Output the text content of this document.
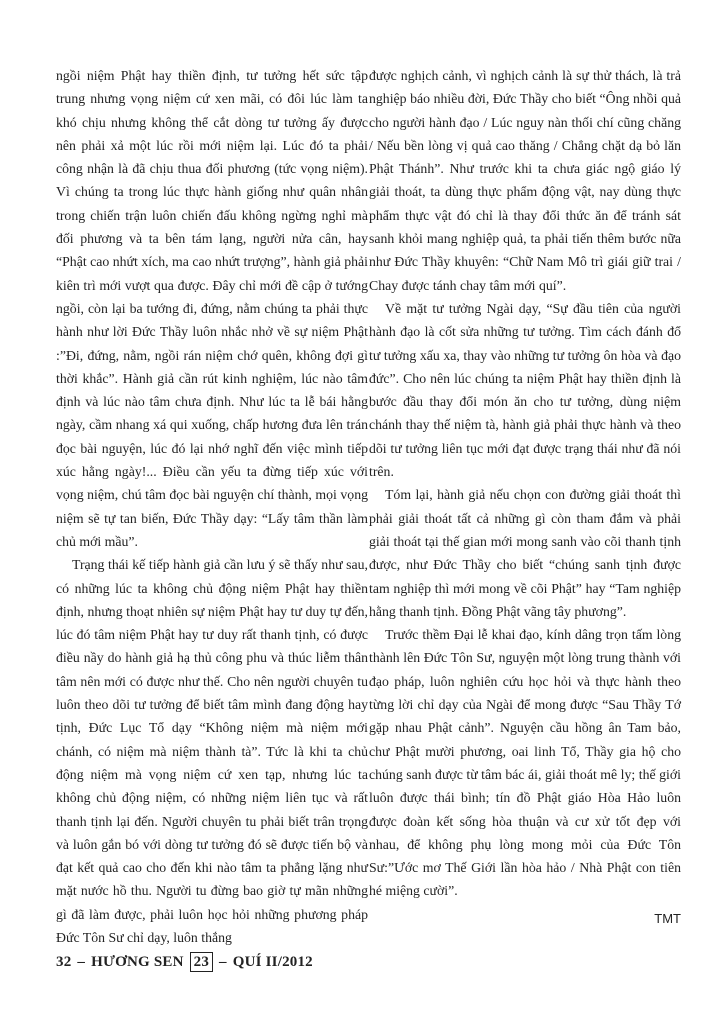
ngồi niệm Phật hay thiền định, tư tưởng hết sức tập trung nhưng vọng niệm cứ xen mãi, có đôi lúc làm ta khó chịu nhưng không thể cắt dòng tư tưởng ấy được nên phải xả một lúc rồi mới niệm lại. Lúc đó ta phải công nhận là đã chịu thua đối phương (tức vọng niệm). Vì chúng ta trong lúc thực hành giống như quân nhân trong chiến trận luôn chiến đấu không ngừng nghỉ mà đối phương và ta bên tám lạng, người nửa cân, hay “Phật cao nhứt xích, ma cao nhứt trượng”, hành giả phải kiên trì mới vượt qua được. Đây chỉ mới đề cập ở tướng ngồi, còn lại ba tướng đi, đứng, nằm chúng ta phải thực hành như lời Đức Thầy luôn nhắc nhở về sự niệm Phật :”Đi, đứng, nằm, ngồi rán niệm chớ quên, không đợi gì thời khắc”. Hành giả cần rút kinh nghiệm, lúc nào tâm định và lúc nào tâm chưa định. Như lúc ta lễ bái hằng ngày, cầm nhang xá qui xuống, chấp hương đưa lên trán đọc bài nguyện, lúc đó lại nhớ nghĩ đến việc mình tiếp xúc hằng ngày!... Điều cần yếu ta đừng tiếp xúc với vọng niệm, chú tâm đọc bài nguyện chí thành, mọi vọng niệm sẽ tự tan biến, Đức Thầy dạy: “Lấy tâm thần làm chủ mới mầu”.

Trạng thái kế tiếp hành giả cần lưu ý sẽ thấy như sau, có những lúc ta không chủ động niệm Phật hay thiền định, nhưng thoạt nhiên sự niệm Phật hay tư duy tự đến, lúc đó tâm niệm Phật hay tư duy rất thanh tịnh, có được điều nầy do hành giả hạ thủ công phu và thúc liễm thân tâm nên mới có được như thế. Cho nên người chuyên tu luôn theo dõi tư tưởng để biết tâm mình đang động hay tịnh, Đức Lục Tổ dạy “Không niệm mà niệm mới chánh, có niệm mà niệm thành tà”. Tức là khi ta chủ động niệm mà vọng niệm cứ xen tạp, nhưng lúc ta không chủ động niệm, có những niệm liên tục và rất thanh tịnh lại đến. Người chuyên tu phải biết trân trọng và luôn gắn bó với dòng tư tưởng đó sẽ được tiến bộ và đạt kết quả cao cho đến khi nào tâm ta phẳng lặng như mặt nước hồ thu. Người tu đừng bao giờ tự mãn những gì đã làm được, phải luôn học hỏi những phương pháp Đức Tôn Sư chỉ dạy, luôn thắng

được nghịch cảnh, vì nghịch cảnh là sự thử thách, là trả nghiệp báo nhiều đời, Đức Thầy cho biết “Ông nhồi quả cho người hành đạo / Lúc nguy nàn thối chí cũng chăng / Nếu bền lòng vị quả cao thăng / Chẳng chặt dạ bỏ lăn Phật Thánh”. Như trước khi ta chưa giác ngộ giáo lý giải thoát, ta dùng thực phẩm động vật, nay dùng thực phẩm thực vật đó chỉ là thay đổi thức ăn để tránh sát sanh khỏi mang nghiệp quả, ta phải tiến thêm bước nữa như Đức Thầy khuyên: “Chữ Nam Mô trì giái giữ trai / Chay được tánh chay tâm mới quí”.

Về mặt tư tưởng Ngài dạy, “Sự đầu tiên của người hành đạo là cốt sửa những tư tưởng. Tìm cách đánh đổ tư tưởng xấu xa, thay vào những tư tưởng ôn hòa và đạo đức”. Cho nên lúc chúng ta niệm Phật hay thiền định là bước đầu thay đổi món ăn cho tư tưởng, dùng niệm chánh thay thế niệm tà, hành giả phải thực hành và theo dõi tư tưởng liên tục mới đạt được trạng thái như đã nói trên.

Tóm lại, hành giả nếu chọn con đường giải thoát thì phải giải thoát tất cả những gì còn tham đắm và phải giải thoát tại thế gian mới mong sanh vào cõi thanh tịnh được, như Đức Thầy cho biết “chúng sanh tịnh được tam nghiệp thì mới mong về cõi Phật” hay “Tam nghiệp hằng thanh tịnh. Đồng Phật vãng tây phương”.

Trước thềm Đại lễ khai đạo, kính dâng trọn tấm lòng thành lên Đức Tôn Sư, nguyện một lòng trung thành với đạo pháp, luôn nghiên cứu học hỏi và thực hành theo từng lời chỉ dạy của Ngài để mong được “Sau Thầy Tớ gặp nhau Phật cảnh”. Nguyện cầu hồng ân Tam bảo, chư Phật mười phương, oai linh Tổ, Thầy gia hộ cho chúng sanh được từ tâm bác ái, giải thoát mê ly; thế giới luôn được thái bình; tín đồ Phật giáo Hòa Hảo luôn được đoàn kết sống hòa thuận và cư xử tốt đẹp với nhau, để không phụ lòng mong mỏi của Đức Tôn Sư:”Ước mơ Thế Giới lần hòa hảo / Nhà Phật con tiên hé miệng cười”.

TMT
32 – HƯƠNG SEN 23 – QUÍ II/2012
